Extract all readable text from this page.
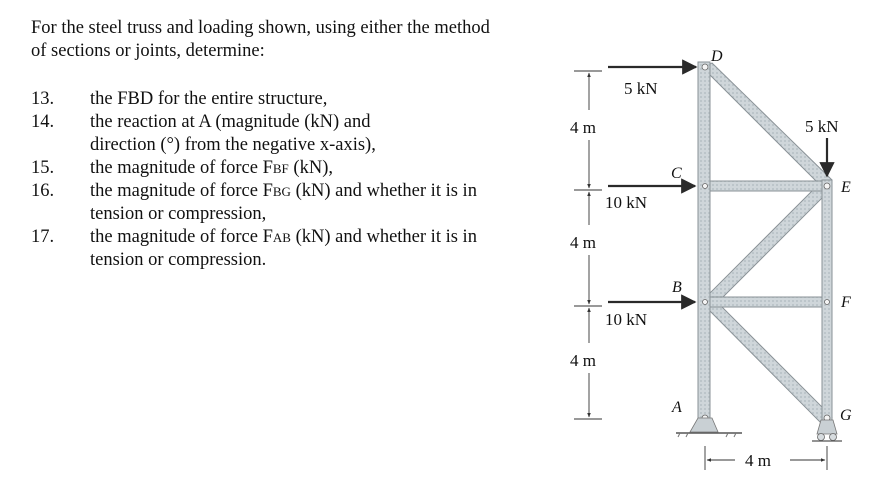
For the steel truss and loading shown, using either the method of sections or joints, determine:
13. the FBD for the entire structure,
14. the reaction at A (magnitude (kN) and direction (°) from the negative x-axis),
15. the magnitude of force FBF (kN),
16. the magnitude of force FBG (kN) and whether it is in tension or compression,
17. the magnitude of force FAB (kN) and whether it is in tension or compression.
5 kN
10 kN
10 kN
5 kN
4 m
4 m
4 m
4 m
D
C
E
B
F
A	G
